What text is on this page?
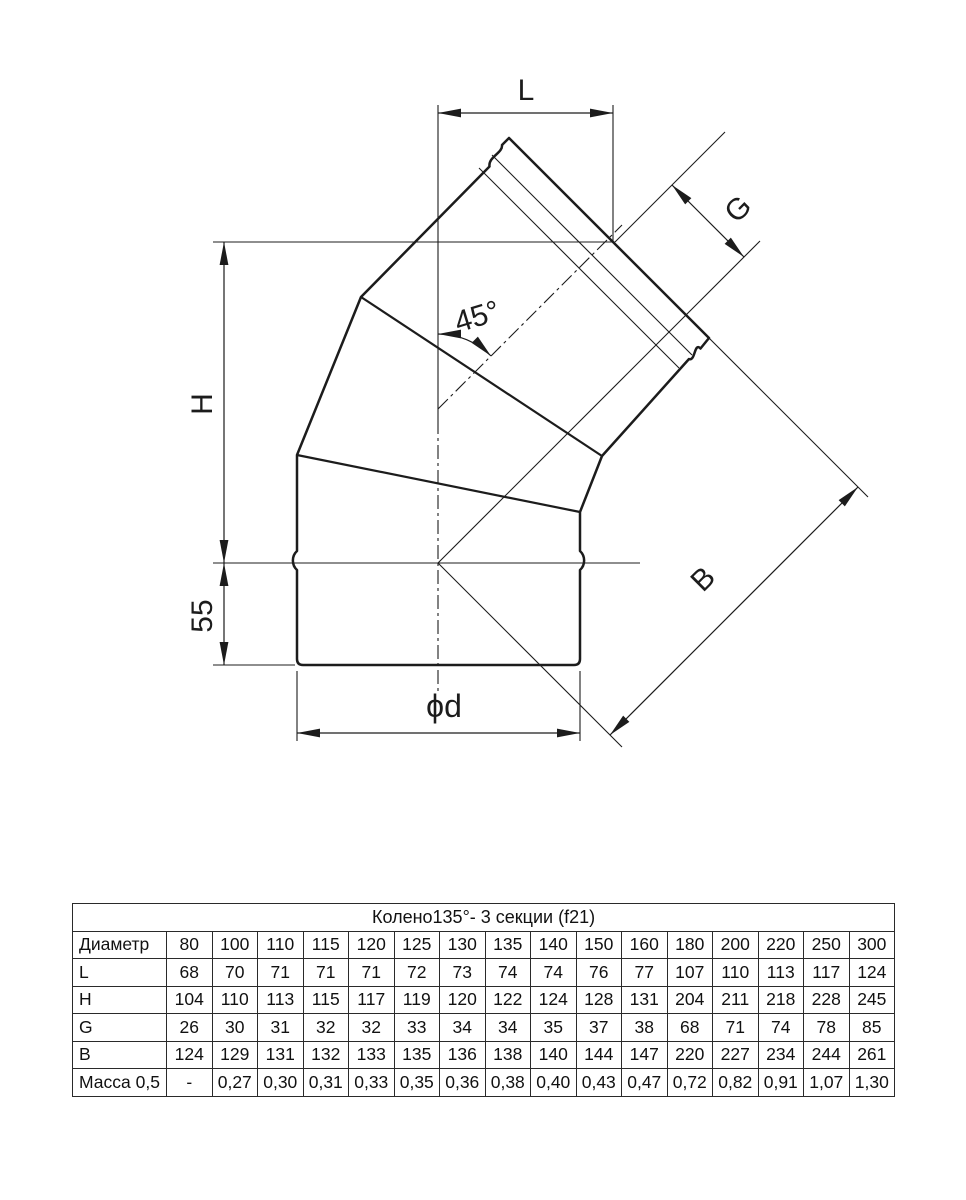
L
G
H
55
B
45°
ϕd
Колено135°- 3 секции (f21)																
Диаметр	80	100	110	115	120	125	130	135	140	150	160	180	200	220	250	300
L	68	70	71	71	71	72	73	74	74	76	77	107	110	113	117	124
H	104	110	113	115	117	119	120	122	124	128	131	204	211	218	228	245
G	26	30	31	32	32	33	34	34	35	37	38	68	71	74	78	85
B	124	129	131	132	133	135	136	138	140	144	147	220	227	234	244	261
Масса 0,5	-	0,27	0,30	0,31	0,33	0,35	0,36	0,38	0,40	0,43	0,47	0,72	0,82	0,91	1,07	1,30
